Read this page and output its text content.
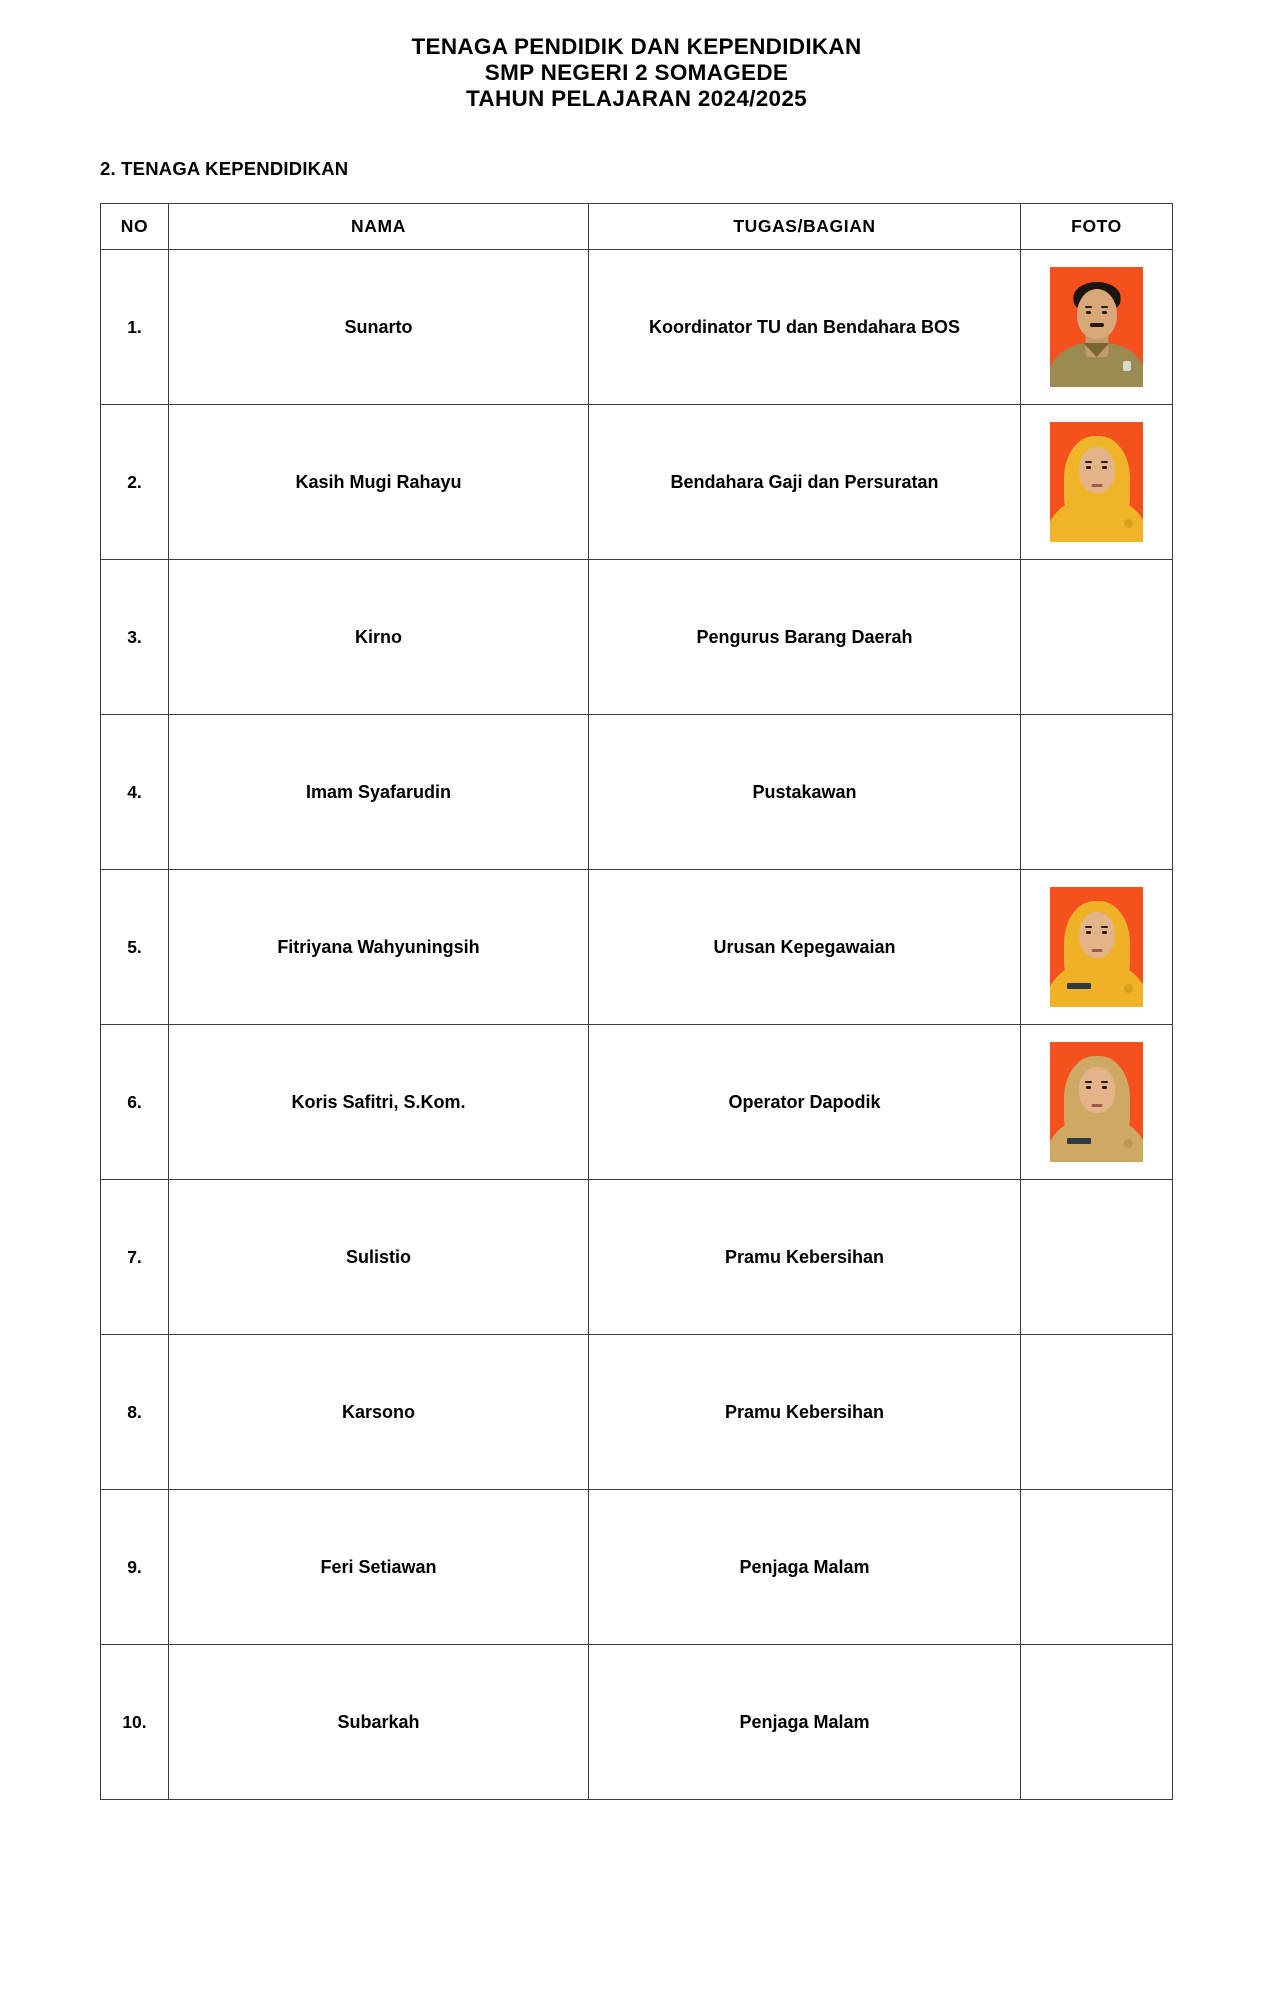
TENAGA PENDIDIK DAN KEPENDIDIKAN
SMP NEGERI 2 SOMAGEDE
TAHUN PELAJARAN 2024/2025
2. TENAGA KEPENDIDIKAN
NO	NAMA	TUGAS/BAGIAN	FOTO
1.	Sunarto	Koordinator TU dan Bendahara BOS	

2.	Kasih Mugi Rahayu	Bendahara Gaji dan Persuratan	

3.	Kirno	Pengurus Barang Daerah	
4.	Imam Syafarudin	Pustakawan	
5.	Fitriyana Wahyuningsih	Urusan Kepegawaian	

6.	Koris Safitri, S.Kom.	Operator Dapodik	

7.	Sulistio	Pramu Kebersihan	
8.	Karsono	Pramu Kebersihan	
9.	Feri Setiawan	Penjaga Malam	
10.	Subarkah	Penjaga Malam	
